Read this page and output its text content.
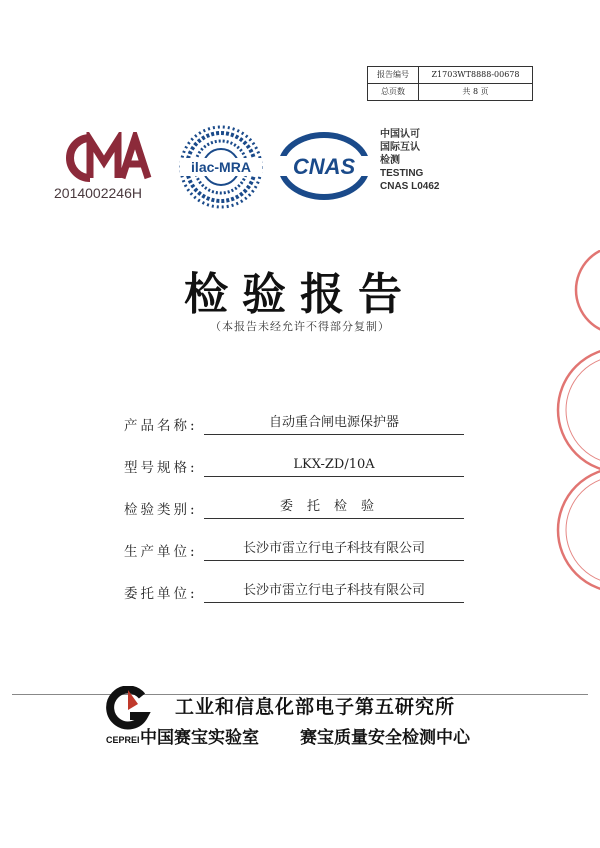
报告编号	Z1703WT8888-00678
总页数	共 8 页
2014002246H
ilac-MRA CNAS
中国认可
国际互认
检测
TESTING
CNAS L0462
检验报告
（本报告未经允许不得部分复制）
产品名称:	自动重合闸电源保护器
型号规格:	LKX-ZD/10A
检验类别:	委托检验
生产单位:	长沙市雷立行电子科技有限公司
委托单位:	长沙市雷立行电子科技有限公司
CEPREI
工业和信息化部电子第五研究所
中国赛宝实验室 赛宝质量安全检测中心
